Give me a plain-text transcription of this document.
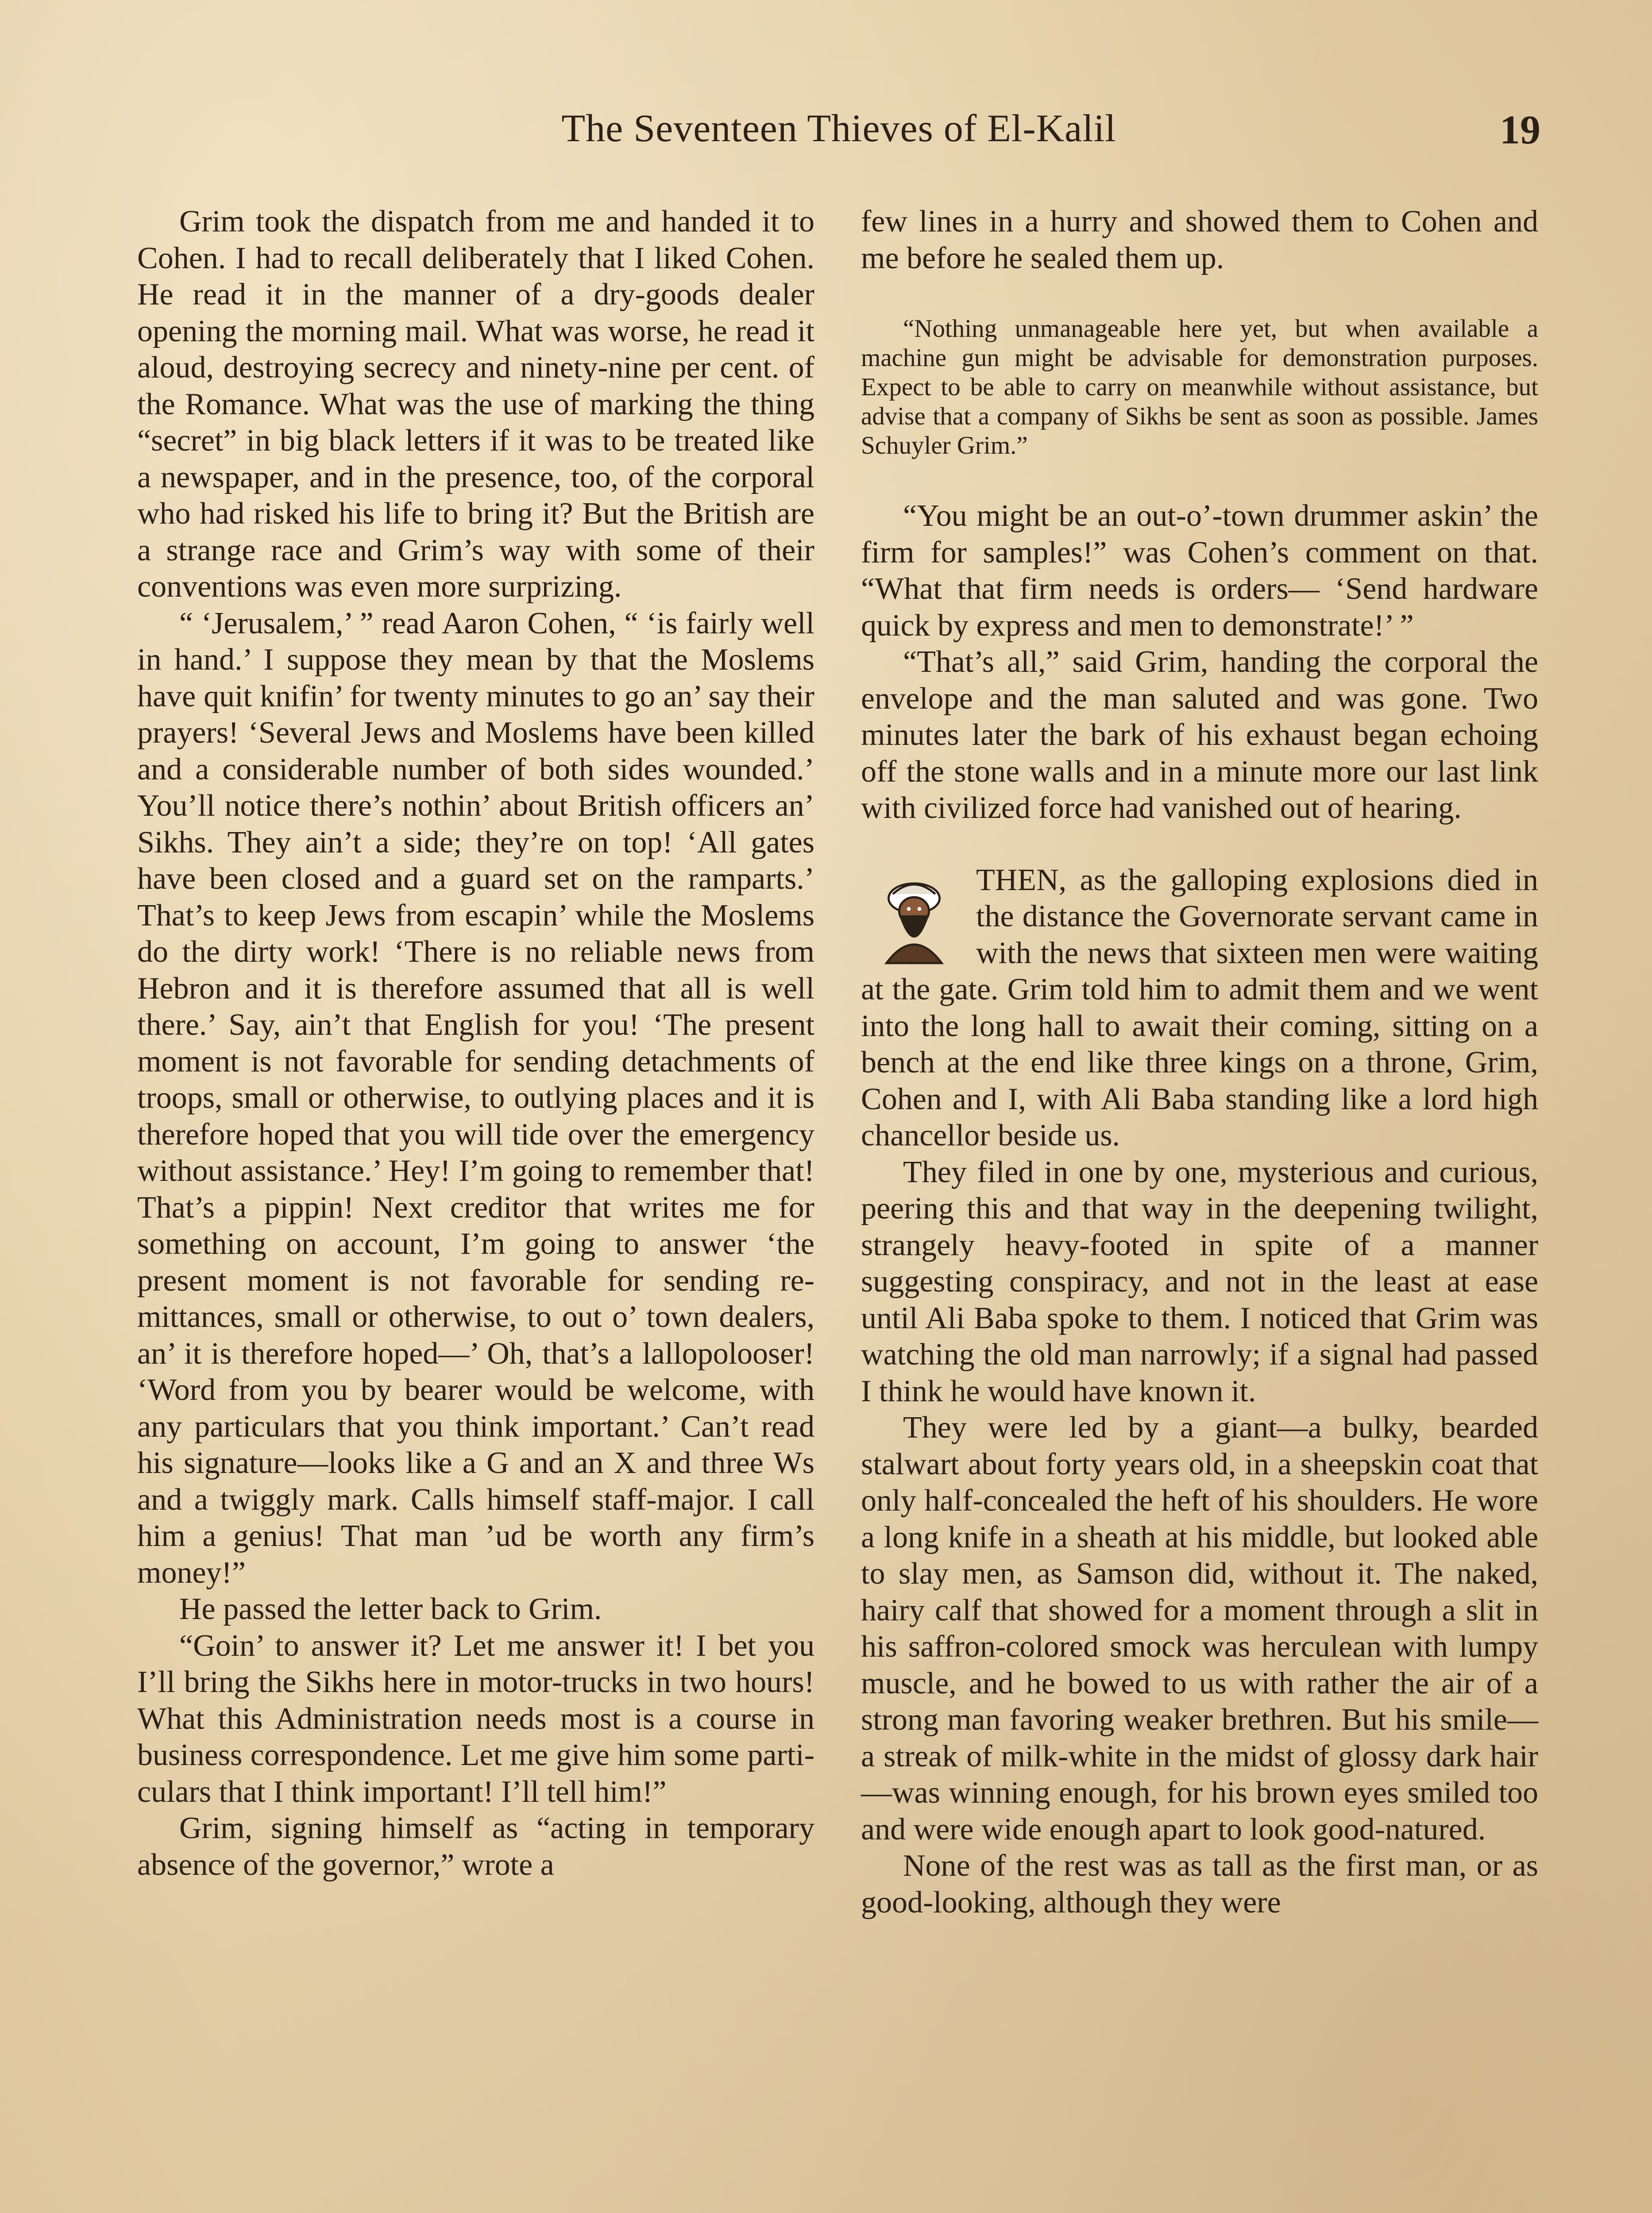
The Seventeen Thieves of El-Kalil	19

Grim took the dispatch from me and handed it to Cohen. I had to recall deliberately that I liked Cohen. He read it in the manner of a dry-goods dealer opening the morning mail. What was worse, he read it aloud, destroying secrecy and ninety-nine per cent. of the Romance. What was the use of marking the thing “secret” in big black letters if it was to be treated like a newspaper, and in the presence, too, of the corporal who had risked his life to bring it? But the British are a strange race and Grim’s way with some of their conventions was even more surprizing.

“ ‘Jerusalem,’ ” read Aaron Cohen, “ ‘is fairly well in hand.’ I suppose they mean by that the Moslems have quit knifin’ for twenty minutes to go an’ say their prayers! ‘Several Jews and Moslems have been killed and a considerable number of both sides wounded.’ You’ll notice there’s nothin’ about British officers an’ Sikhs. They ain’t a side; they’re on top! ‘All gates have been closed and a guard set on the ramparts.’ That’s to keep Jews from escapin’ while the Moslems do the dirty work! ‘There is no reliable news from Hebron and it is therefore assumed that all is well there.’ Say, ain’t that English for you! ‘The present moment is not favorable for sending detachments of troops, small or otherwise, to outlying places and it is therefore hoped that you will tide over the emergency without assistance.’ Hey! I’m going to remember that! That’s a pippin! Next creditor that writes me for something on account, I’m going to answer ‘the present moment is not favorable for sending remittances, small or otherwise, to out o’ town dealers, an’ it is therefore hoped—’ Oh, that’s a lallopolooser! ‘Word from you by bearer would be welcome, with any particulars that you think important.’ Can’t read his signature—looks like a G and an X and three Ws and a twiggly mark. Calls himself staff-major. I call him a genius! That man ’ud be worth any firm’s money!”

He passed the letter back to Grim.

“Goin’ to answer it? Let me answer it! I bet you I’ll bring the Sikhs here in motor-trucks in two hours! What this Administration needs most is a course in business correspondence. Let me give him some particulars that I think important! I’ll tell him!”

Grim, signing himself as “acting in temporary absence of the governor,” wrote a

few lines in a hurry and showed them to Cohen and me before he sealed them up.

“Nothing unmanageable here yet, but when available a machine gun might be advisable for demonstration purposes. Expect to be able to carry on meanwhile without assistance, but advise that a company of Sikhs be sent as soon as possible. James Schuyler Grim.”

“You might be an out-o’-town drummer askin’ the firm for samples!” was Cohen’s comment on that. “What that firm needs is orders— ‘Send hardware quick by express and men to demonstrate!’ ”

“That’s all,” said Grim, handing the corporal the envelope and the man saluted and was gone. Two minutes later the bark of his exhaust began echoing off the stone walls and in a minute more our last link with civilized force had vanished out of hearing.

THEN, as the galloping explosions died in the distance the Governorate servant came in with the news that sixteen men were waiting at the gate. Grim told him to admit them and we went into the long hall to await their coming, sitting on a bench at the end like three kings on a throne, Grim, Cohen and I, with Ali Baba standing like a lord high chancellor beside us.

They filed in one by one, mysterious and curious, peering this and that way in the deepening twilight, strangely heavy-footed in spite of a manner suggesting conspiracy, and not in the least at ease until Ali Baba spoke to them. I noticed that Grim was watching the old man narrowly; if a signal had passed I think he would have known it.

They were led by a giant—a bulky, bearded stalwart about forty years old, in a sheepskin coat that only half-concealed the heft of his shoulders. He wore a long knife in a sheath at his middle, but looked able to slay men, as Samson did, without it. The naked, hairy calf that showed for a moment through a slit in his saffron-colored smock was herculean with lumpy muscle, and he bowed to us with rather the air of a strong man favoring weaker brethren. But his smile—a streak of milk-white in the midst of glossy dark hair—was winning enough, for his brown eyes smiled too and were wide enough apart to look good-natured.

None of the rest was as tall as the first man, or as good-looking, although they were
